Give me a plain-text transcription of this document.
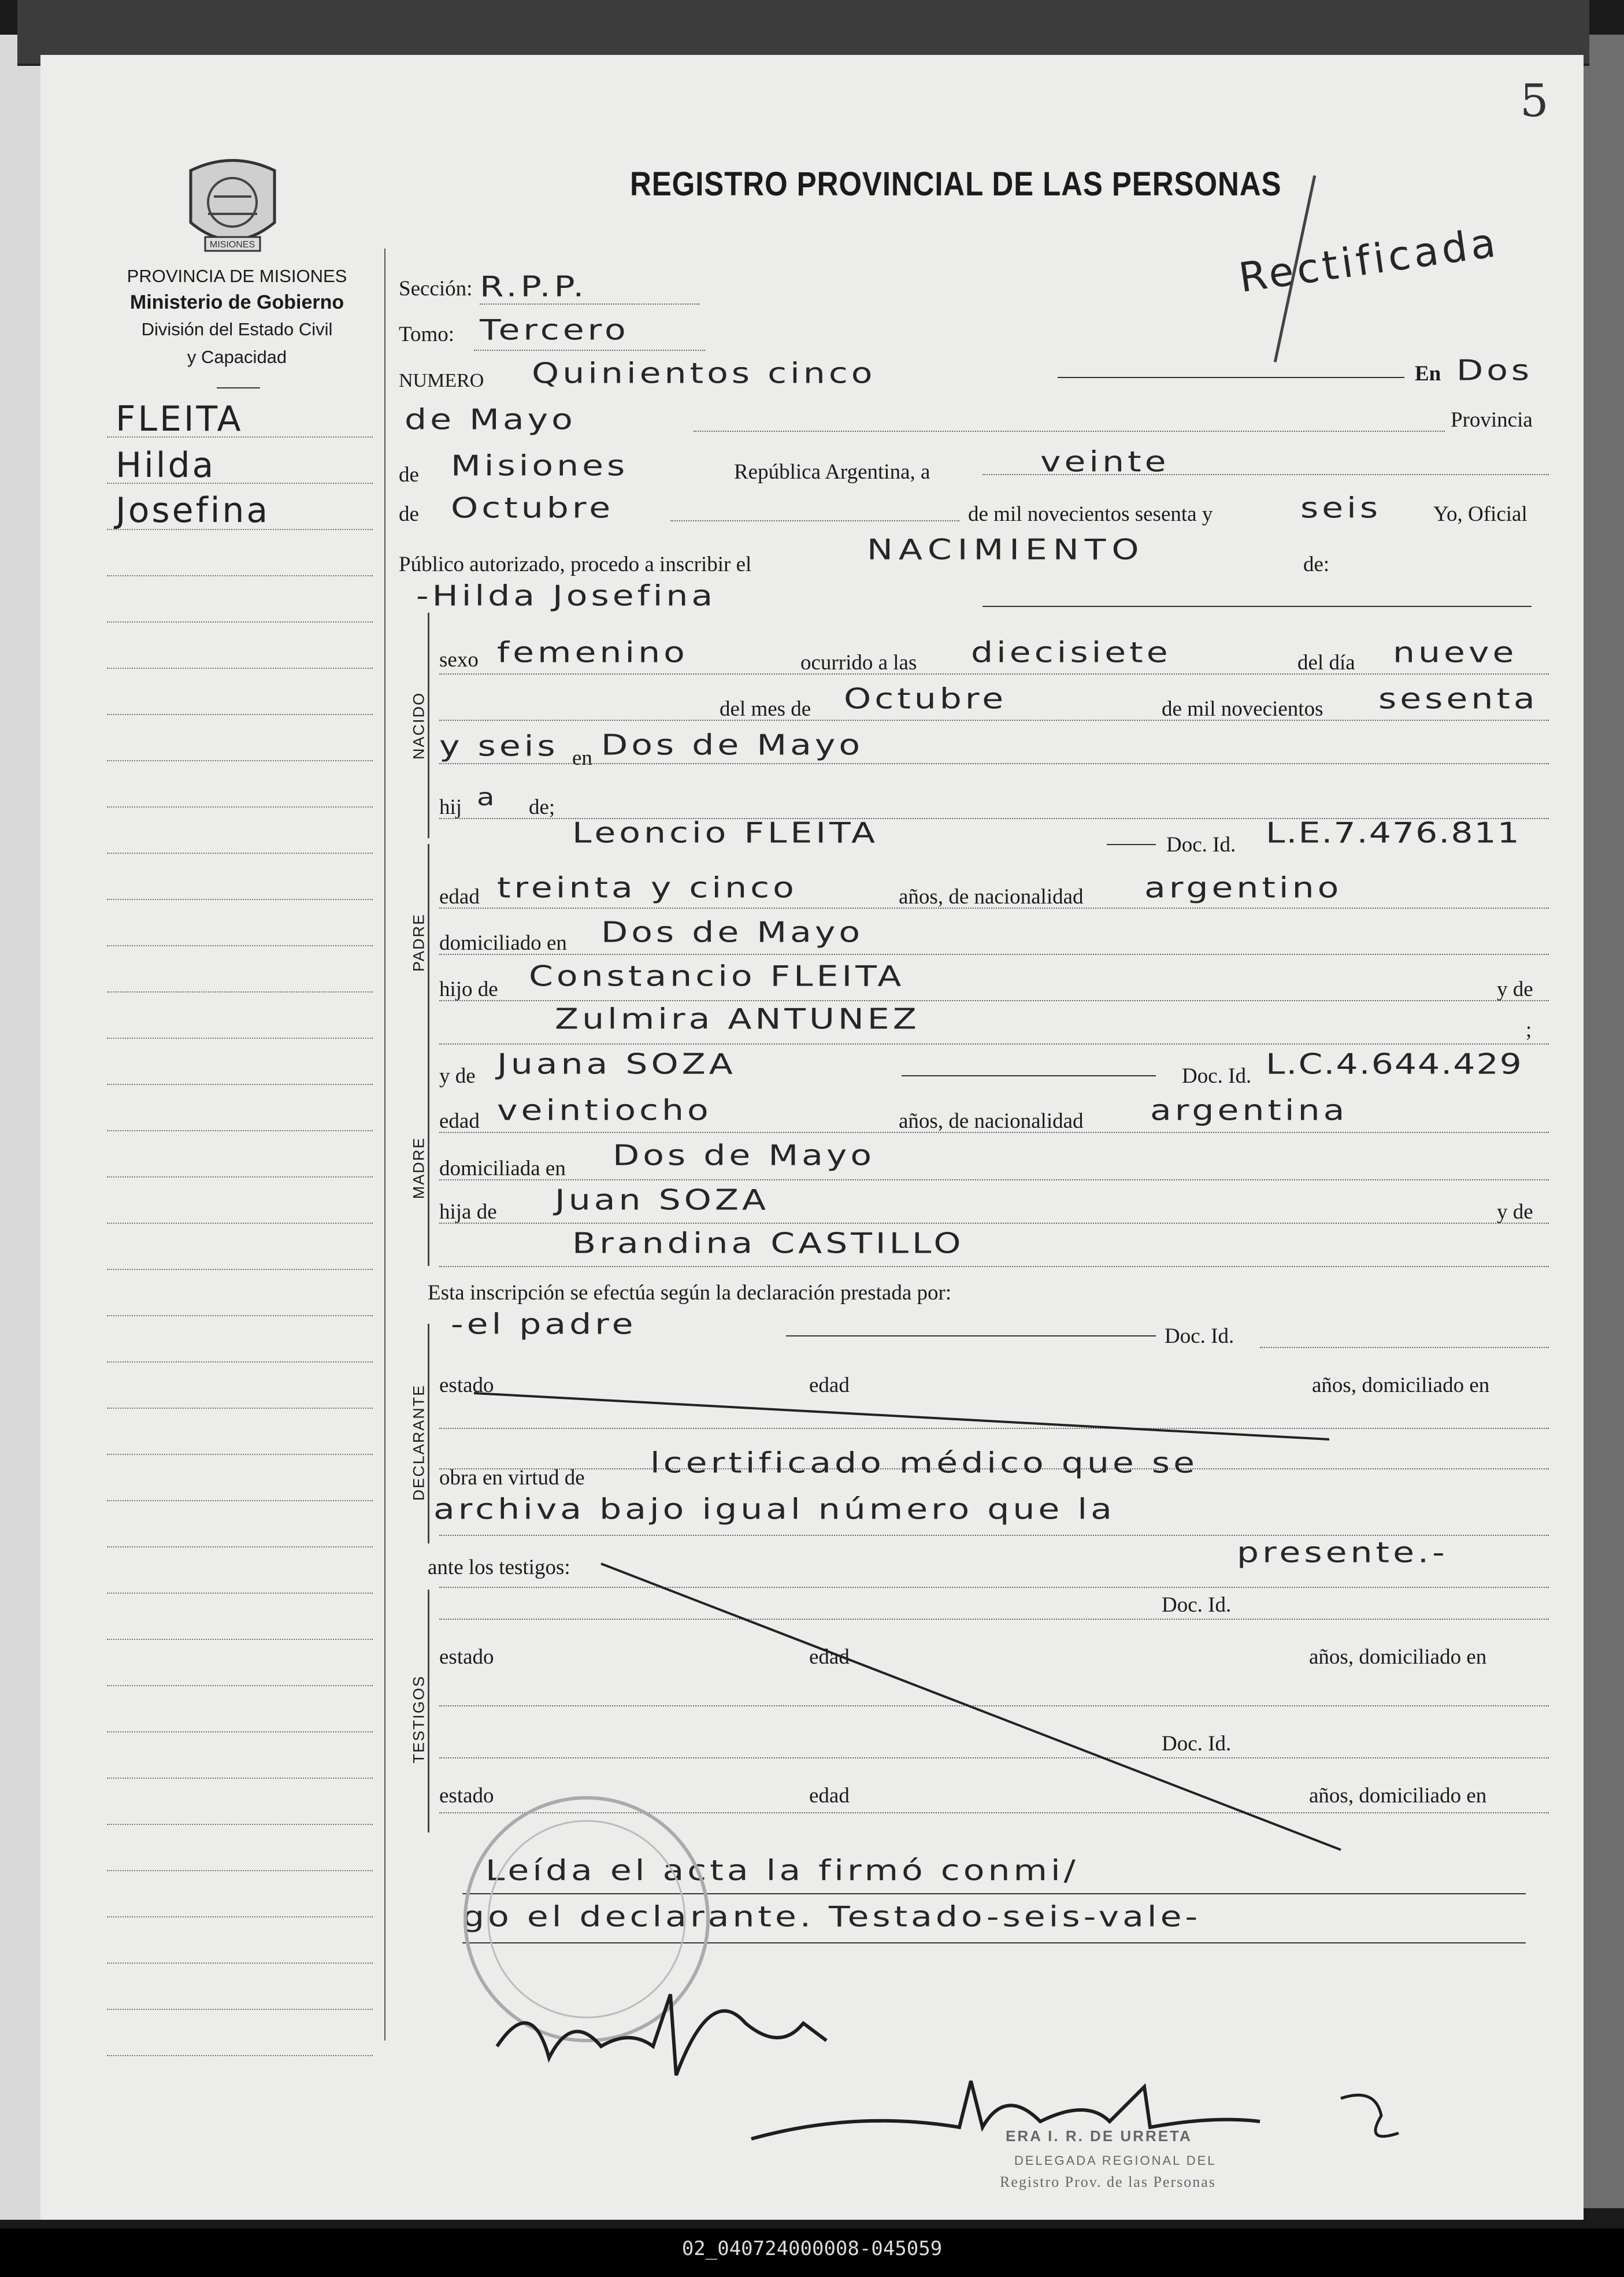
5
REGISTRO PROVINCIAL DE LAS PERSONAS
Rectificada
MISIONES
PROVINCIA DE MISIONES
Ministerio de Gobierno
División del Estado Civil
y Capacidad
FLEITA
Hilda
Josefina
Sección: R.P.P.
Tomo: Tercero
NUMERO Quinientos cinco	En Dos
de Mayo	Provincia
de Misiones	República Argentina, a	veinte
de Octubre	de mil novecientos sesenta y	seis Yo, Oficial
Público autorizado, procedo a inscribir el	NACIMIENTO	de:
-Hilda Josefina
NACIDO
sexo femenino	ocurrido a las diecisiete	del día nueve
del mes de Octubre	de mil novecientos sesenta
y seis en Dos de Mayo
hij a de;
PADRE
Leoncio FLEITA	Doc. Id. L.E.7.476.811
edad treinta y cinco	años, de nacionalidad argentino
domiciliado en Dos de Mayo
hijo de Constancio FLEITA	y de
Zulmira ANTUNEZ	;
MADRE
y de Juana SOZA	Doc. Id. L.C.4.644.429
edad veintiocho	años, de nacionalidad argentina
domiciliada en Dos de Mayo
hija de Juan SOZA	y de
Brandina CASTILLO
Esta inscripción se efectúa según la declaración prestada por:
DECLARANTE
-el padre	Doc. Id.
estado	edad	años, domiciliado en
obra en virtud de lcertificado médico que se
archiva bajo igual número que la
presente.-
ante los testigos:
TESTIGOS
Doc. Id.
estado	edad	años, domiciliado en
Doc. Id.
estado	edad	años, domiciliado en
Leída el acta la firmó conmi/
go el declarante. Testado-seis-vale-
ERA I. R. DE URRETA
DELEGADA REGIONAL DEL
Registro Prov. de las Personas
02_040724000008-045059
